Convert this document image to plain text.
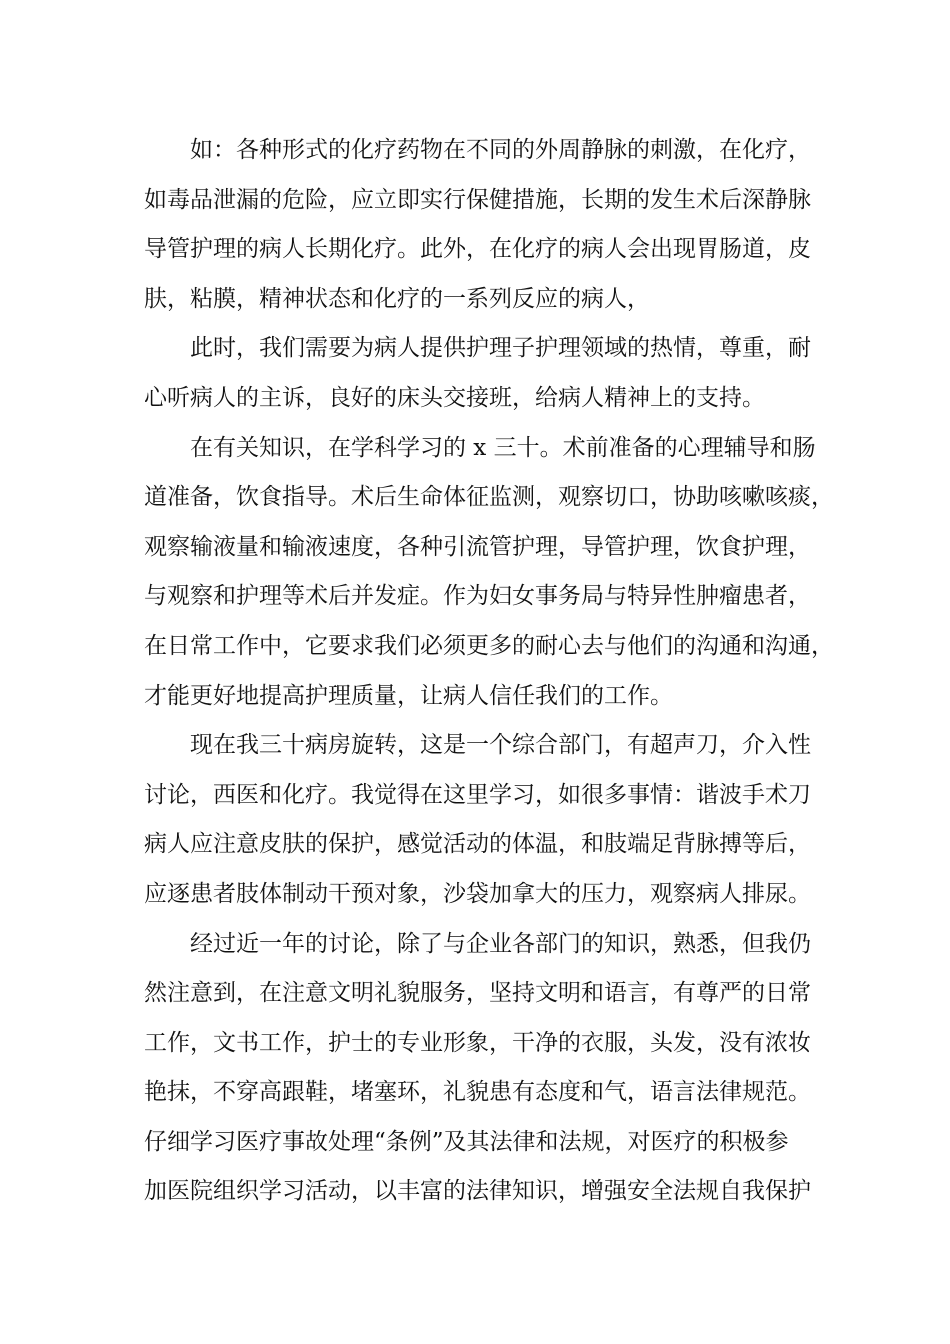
如：各种形式的化疗药物在不同的外周静脉的刺激，在化疗，
如毒品泄漏的危险，应立即实行保健措施，长期的发生术后深静脉
导管护理的病人长期化疗。此外，在化疗的病人会出现胃肠道，皮
肤，粘膜，精神状态和化疗的一系列反应的病人，
此时，我们需要为病人提供护理子护理领域的热情，尊重，耐
心听病人的主诉，良好的床头交接班，给病人精神上的支持。
在有关知识，在学科学习的 x 三十。术前准备的心理辅导和肠
道准备，饮食指导。术后生命体征监测，观察切口，协助咳嗽咳痰，
观察输液量和输液速度，各种引流管护理，导管护理，饮食护理，
与观察和护理等术后并发症。作为妇女事务局与特异性肿瘤患者，
在日常工作中，它要求我们必须更多的耐心去与他们的沟通和沟通，
才能更好地提高护理质量，让病人信任我们的工作。
现在我三十病房旋转，这是一个综合部门，有超声刀，介入性
讨论，西医和化疗。我觉得在这里学习，如很多事情：谐波手术刀
病人应注意皮肤的保护，感觉活动的体温，和肢端足背脉搏等后，
应逐患者肢体制动干预对象，沙袋加拿大的压力，观察病人排尿。
经过近一年的讨论，除了与企业各部门的知识，熟悉，但我仍
然注意到，在注意文明礼貌服务，坚持文明和语言，有尊严的日常
工作，文书工作，护士的专业形象，干净的衣服，头发，没有浓妆
艳抹，不穿高跟鞋，堵塞环，礼貌患有态度和气，语言法律规范。
仔细学习医疗事故处理“条例”及其法律和法规，对医疗的积极参
加医院组织学习活动，以丰富的法律知识，增强安全法规自我保护
